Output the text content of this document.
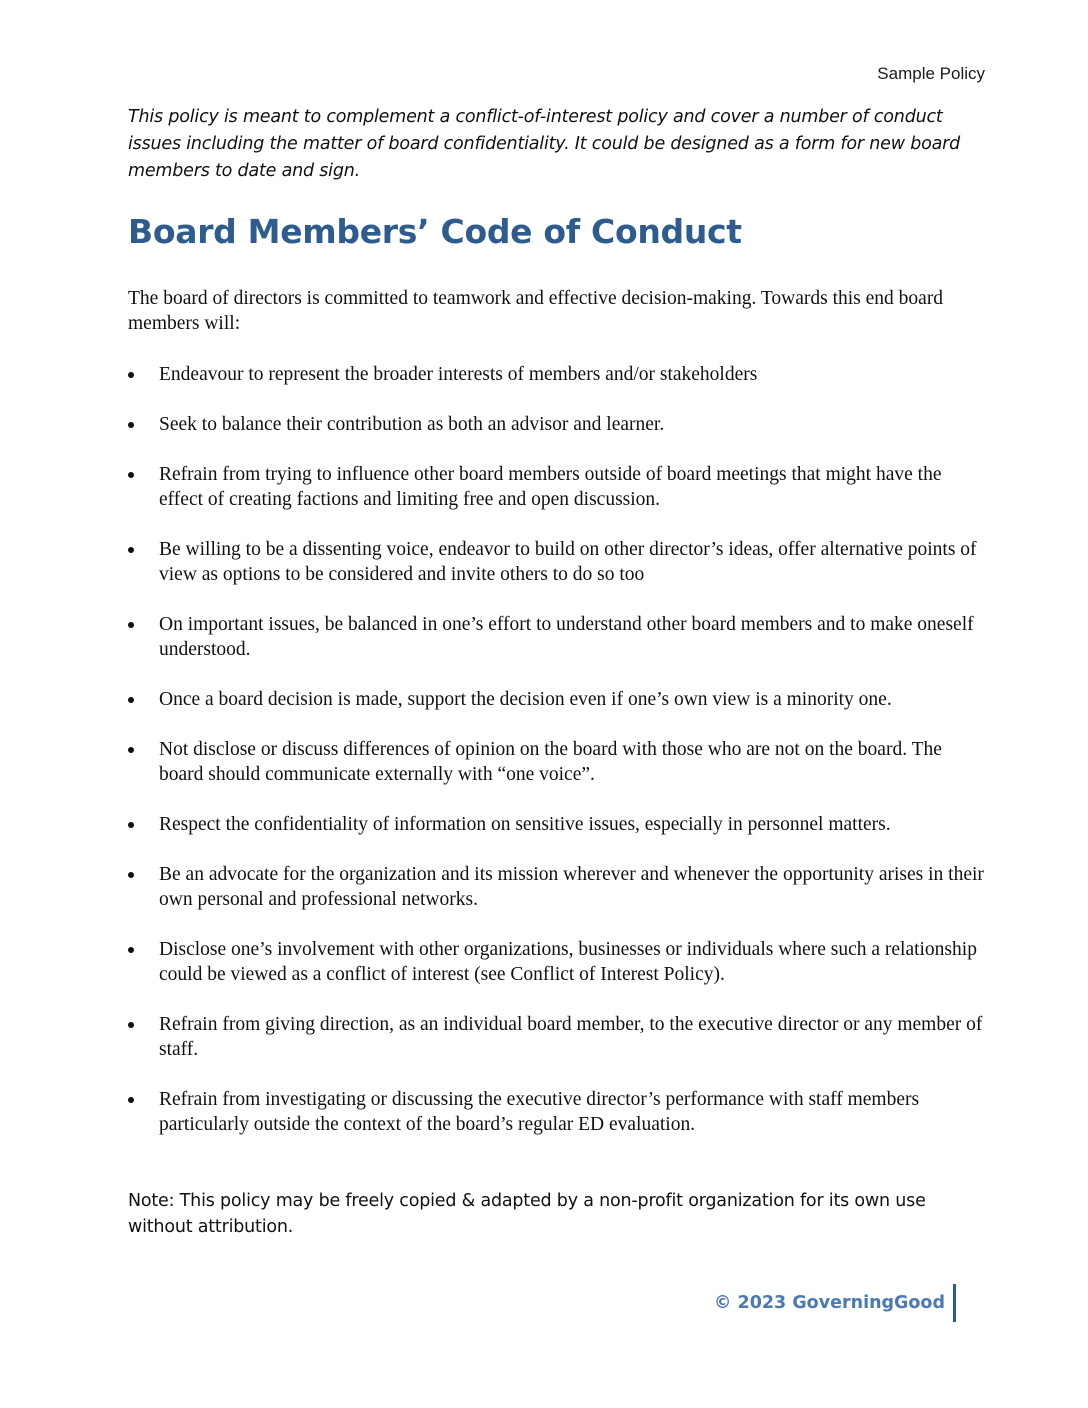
Sample Policy
This policy is meant to complement a conflict-of-interest policy and cover a number of conduct issues including the matter of board confidentiality. It could be designed as a form for new board members to date and sign.
Board Members’ Code of Conduct
The board of directors is committed to teamwork and effective decision-making. Towards this end board members will:
Endeavour to represent the broader interests of members and/or stakeholders
Seek to balance their contribution as both an advisor and learner.
Refrain from trying to influence other board members outside of board meetings that might have the effect of creating factions and limiting free and open discussion.
Be willing to be a dissenting voice, endeavor to build on other director’s ideas, offer alternative points of view as options to be considered and invite others to do so too
On important issues, be balanced in one’s effort to understand other board members and to make oneself understood.
Once a board decision is made, support the decision even if one’s own view is a minority one.
Not disclose or discuss differences of opinion on the board with those who are not on the board. The board should communicate externally with “one voice”.
Respect the confidentiality of information on sensitive issues, especially in personnel matters.
Be an advocate for the organization and its mission wherever and whenever the opportunity arises in their own personal and professional networks.
Disclose one’s involvement with other organizations, businesses or individuals where such a relationship could be viewed as a conflict of interest (see Conflict of Interest Policy).
Refrain from giving direction, as an individual board member, to the executive director or any member of staff.
Refrain from investigating or discussing the executive director’s performance with staff members particularly outside the context of the board’s regular ED evaluation.
Note: This policy may be freely copied & adapted by a non-profit organization for its own use without attribution.
© 2023 GoverningGood
